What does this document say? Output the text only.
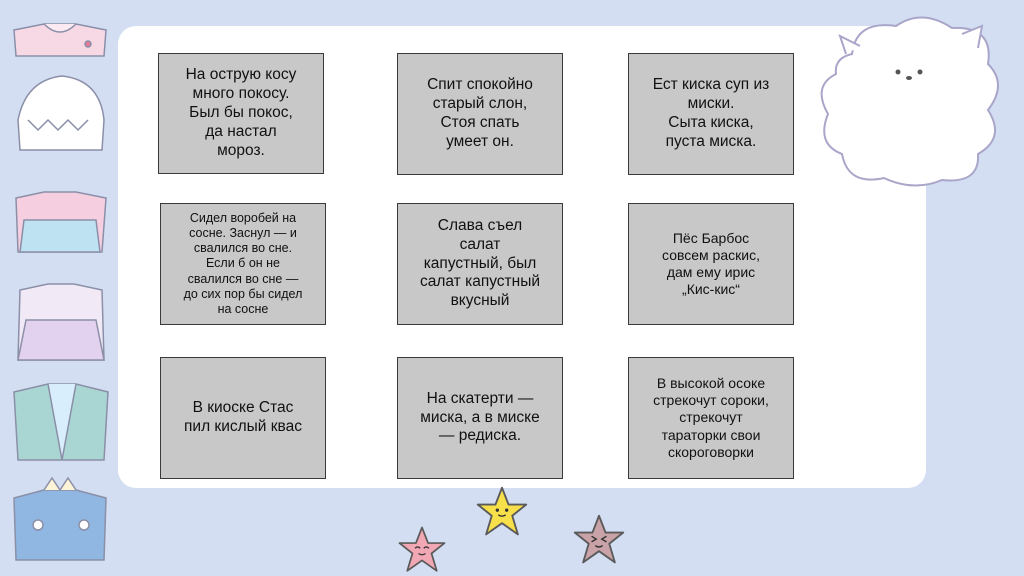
На острую косу
много покосу.
Был бы покос,
да настал
мороз.
Спит спокойно
старый слон,
Стоя спать
умеет он.
Ест киска суп из
миски.
Сыта киска,
пуста миска.
Сидел воробей на
сосне. Заснул — и
свалился во сне.
Если б он не
свалился во сне —
до сих пор бы сидел
на сосне
Слава съел
салат
капустный, был
салат капустный
вкусный
Пёс Барбос
совсем раскис,
дам ему ирис
„Кис-кис“
В киоске Стас
пил кислый квас
На скатерти —
миска, а в миске
— редиска.
В высокой осоке
стрекочут сороки,
стрекочут
тараторки свои
скороговорки
